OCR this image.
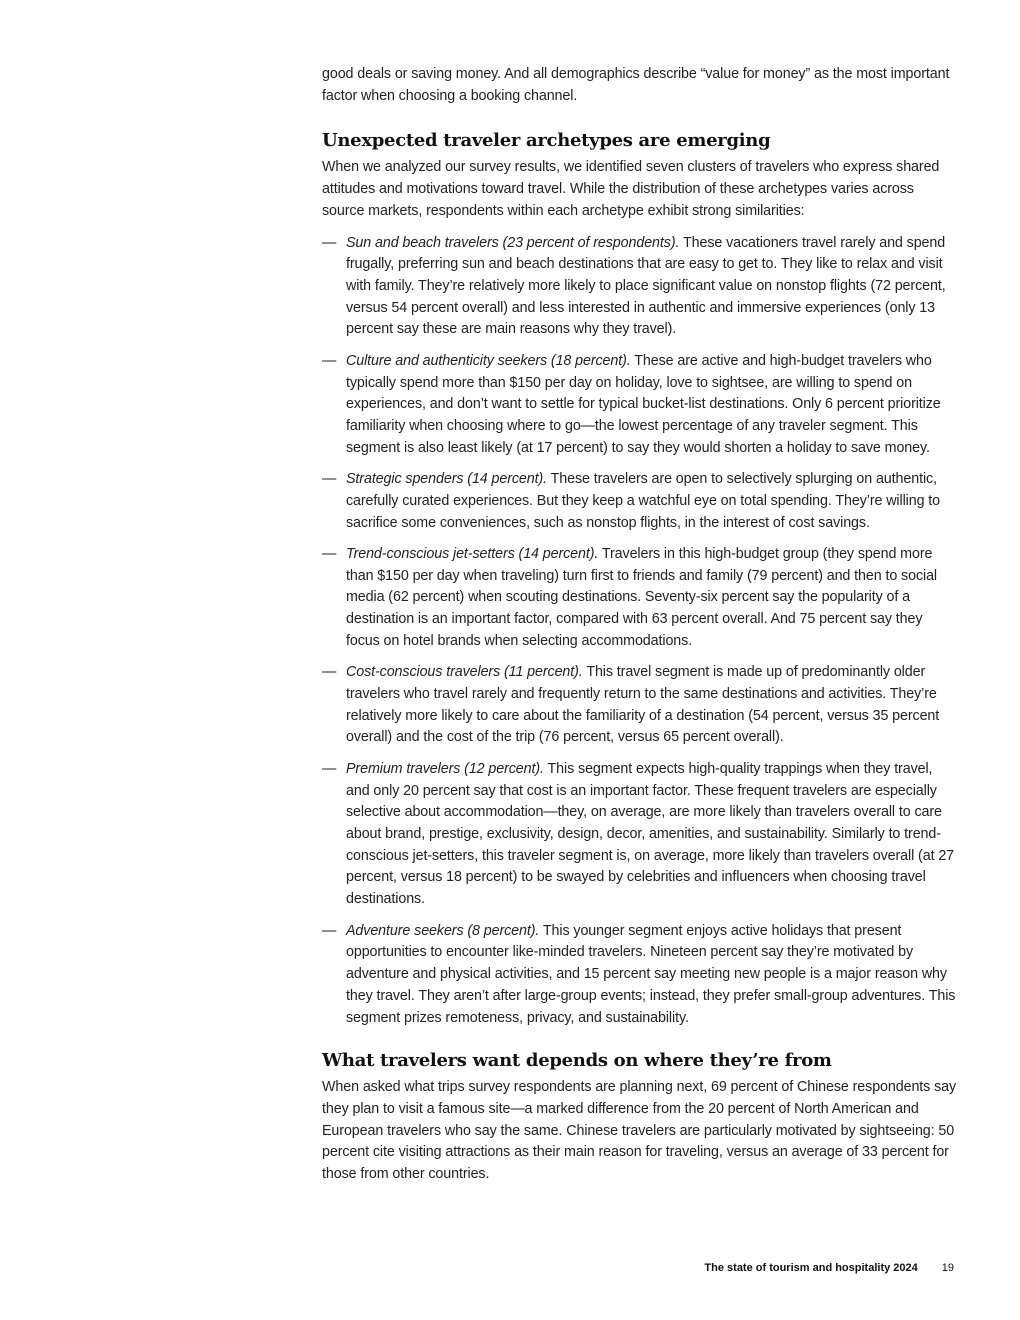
good deals or saving money. And all demographics describe “value for money” as the most important factor when choosing a booking channel.

Unexpected traveler archetypes are emerging

When we analyzed our survey results, we identified seven clusters of travelers who express shared attitudes and motivations toward travel. While the distribution of these archetypes varies across source markets, respondents within each archetype exhibit strong similarities:

— Sun and beach travelers (23 percent of respondents). These vacationers travel rarely and spend frugally, preferring sun and beach destinations that are easy to get to. They like to relax and visit with family. They’re relatively more likely to place significant value on nonstop flights (72 percent, versus 54 percent overall) and less interested in authentic and immersive experiences (only 13 percent say these are main reasons why they travel).
— Culture and authenticity seekers (18 percent). These are active and high-budget travelers who typically spend more than $150 per day on holiday, love to sightsee, are willing to spend on experiences, and don’t want to settle for typical bucket-list destinations. Only 6 percent prioritize familiarity when choosing where to go—the lowest percentage of any traveler segment. This segment is also least likely (at 17 percent) to say they would shorten a holiday to save money.
— Strategic spenders (14 percent). These travelers are open to selectively splurging on authentic, carefully curated experiences. But they keep a watchful eye on total spending. They’re willing to sacrifice some conveniences, such as nonstop flights, in the interest of cost savings.
— Trend-conscious jet-setters (14 percent). Travelers in this high-budget group (they spend more than $150 per day when traveling) turn first to friends and family (79 percent) and then to social media (62 percent) when scouting destinations. Seventy-six percent say the popularity of a destination is an important factor, compared with 63 percent overall. And 75 percent say they focus on hotel brands when selecting accommodations.
— Cost-conscious travelers (11 percent). This travel segment is made up of predominantly older travelers who travel rarely and frequently return to the same destinations and activities. They’re relatively more likely to care about the familiarity of a destination (54 percent, versus 35 percent overall) and the cost of the trip (76 percent, versus 65 percent overall).
— Premium travelers (12 percent). This segment expects high-quality trappings when they travel, and only 20 percent say that cost is an important factor. These frequent travelers are especially selective about accommodation—they, on average, are more likely than travelers overall to care about brand, prestige, exclusivity, design, decor, amenities, and sustainability. Similarly to trend-conscious jet-setters, this traveler segment is, on average, more likely than travelers overall (at 27 percent, versus 18 percent) to be swayed by celebrities and influencers when choosing travel destinations.
— Adventure seekers (8 percent). This younger segment enjoys active holidays that present opportunities to encounter like-minded travelers. Nineteen percent say they’re motivated by adventure and physical activities, and 15 percent say meeting new people is a major reason why they travel. They aren’t after large-group events; instead, they prefer small-group adventures. This segment prizes remoteness, privacy, and sustainability.
What travelers want depends on where they’re from

When asked what trips survey respondents are planning next, 69 percent of Chinese respondents say they plan to visit a famous site—a marked difference from the 20 percent of North American and European travelers who say the same. Chinese travelers are particularly motivated by sightseeing: 50 percent cite visiting attractions as their main reason for traveling, versus an average of 33 percent for those from other countries.

The state of tourism and hospitality 2024 19
